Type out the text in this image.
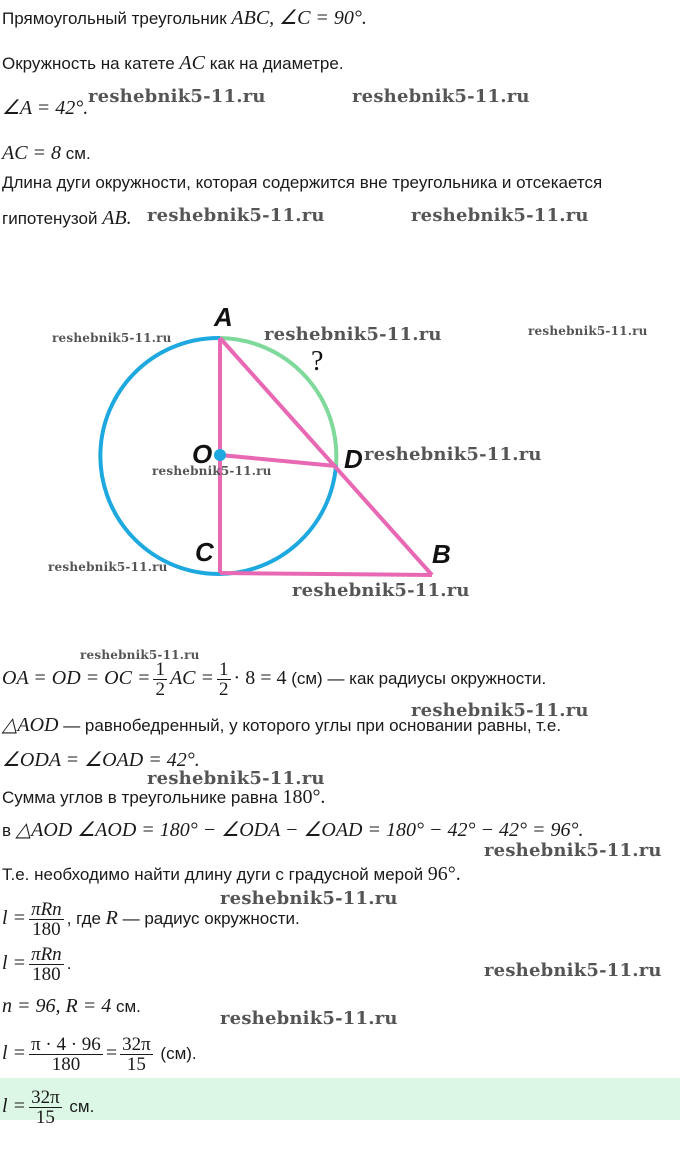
Прямоугольный треугольник ABC, ∠C = 90°.
Окружность на катете AC как на диаметре.
∠A = 42°.
AC = 8 см.
Длина дуги окружности, которая содержится вне треугольника и отсекается
гипотенузой AB.
A
O	D
C	B
?
OA = OD = OC = $\frac{1}{2}$ AC = $\frac{1}{2} \cdot 8 = 4$ (см) — как радиусы окружности.
△AOD — равнобедренный, у которого углы при основании равны, т.е.
∠ODA = ∠OAD = 42°.
Сумма углов в треугольнике равна 180°.
в △AOD ∠AOD = 180° − ∠ODA − ∠OAD = 180° − 42° − 42° = 96°.
Т.е. необходимо найти длину дуги с градусной мерой 96°.
$l = \frac{\text{πRn}}{180}$ , где R — радиус окружности.
$l = \frac{\text{πRn}}{180}$ .
n = 96, R = 4 см.
$l = \frac{\pi \cdot 4 \cdot 96}{180} = \frac{32\pi}{15} (см)$.
$l = \frac{32\pi}{15}$ см.
reshebnik5-11.ru	reshebnik5-11.ru
reshebnik5-11.ru	reshebnik5-11.ru
reshebnik5-11.ru	reshebnik5-11.ru	reshebnik5-11.ru
reshebnik5-11.ru
reshebnik5-11.ru
reshebnik5-11.ru
reshebnik5-11.ru
reshebnik5-11.ru
reshebnik5-11.ru
reshebnik5-11.ru
reshebnik5-11.ru
reshebnik5-11.ru
reshebnik5-11.ru
reshebnik5-11.ru
